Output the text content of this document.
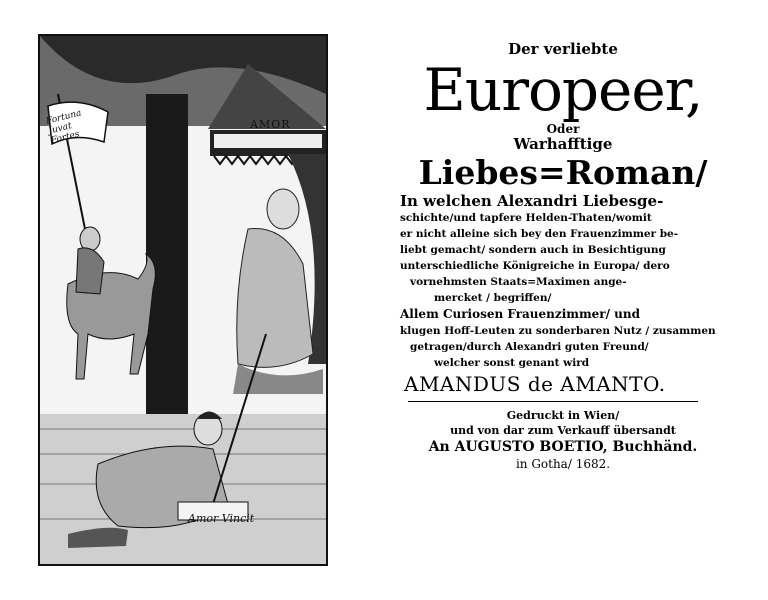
Fortuna Juvat Fortes
AMOR
Amor Vincit
Der verliebte
Europeer,
Oder
Warhafftige
Liebes=Roman/
In welchen Alexandri Liebesge-
schichte/und tapfere Helden-Thaten/womit
er nicht alleine sich bey den Frauenzimmer be-
liebt gemacht/ sondern auch in Besichtigung
unterschiedliche Königreiche in Europa/ dero
vornehmsten Staats=Maximen ange-
mercket / begriffen/
Allem Curiosen Frauenzimmer/ und
klugen Hoff-Leuten zu sonderbaren Nutz / zusammen
getragen/durch Alexandri guten Freund/
welcher sonst genant wird
AMANDUS de AMANTO.
Gedruckt in Wien/
und von dar zum Verkauff übersandt
An AUGUSTO BOETIO, Buchhänd.
in Gotha/ 1682.
